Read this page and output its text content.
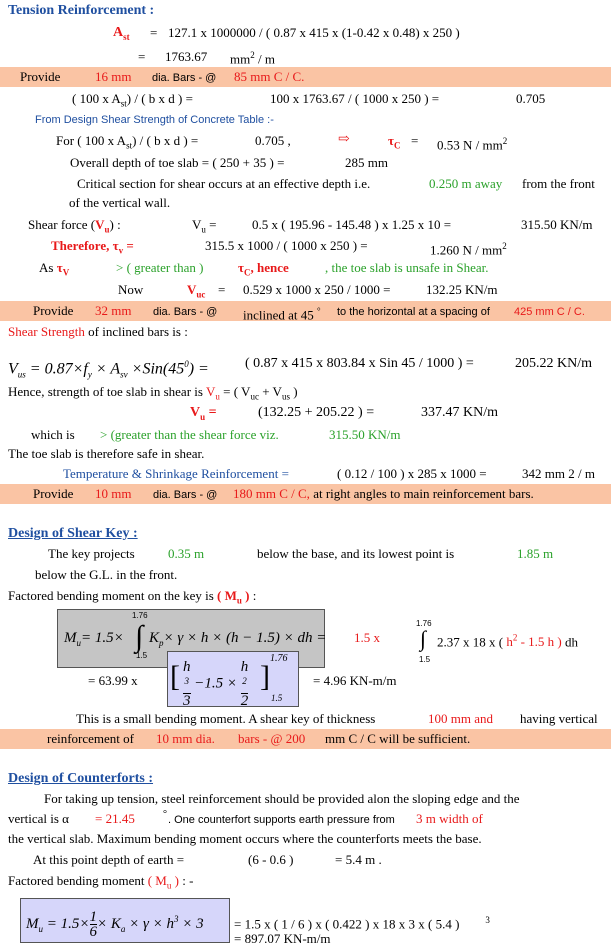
Tension Reinforcement :
$A_{st} = 127.1$ x 1000000 / ( 0.87 x 415 x (1-0.42 x 0.48) x 250 )
= 1763.67 $mm^2$ / m
Provide	16 mm dia. Bars - @ 85 mm C / C.
( 100 x $A_{st}$) / ( b x d ) =	100 x 1763.67 / ( 1000 x 250 ) =	0.705
From Design Shear Strength of Concrete Table :-
For ( 100 x $A_{st}$) / ( b x d ) =	0.705 ,	⇨	$\tau_C = 0.53$ N / $mm^2$
Overall depth of toe slab = ( 250 + 35 ) =	285 mm
Critical section for shear occurs at an effective depth i.e.	0.250 m away from the front
of the vertical wall.
Shear force $(V_u)$ :	$V_u$ =	0.5 x ( 195.96 - 145.48 ) x 1.25 x 10 =	315.50 KN/m
Therefore, $\tau_v$ =	315.5 x 1000 / ( 1000 x 250 ) =	1.260 N / $mm^2$
As $\tau_V$	> ( greater than )	$\tau_C$, hence	, the toe slab is unsafe in Shear.
Now	$V_{uc} = 0.529$ x 1000 x 250 / 1000 =	132.25 KN/m
Provide 32 mm dia. Bars - @ inclined at 45 ° to the horizontal at a spacing of 425 mm C / C.
Shear Strength of inclined bars is :
$V_{us} = 0.87\times f_y \times A_{sv} \times Sin(45^0)$ =	( 0.87 x 415 x 803.84 x Sin 45 / 1000 ) =	205.22 KN/m
Hence, strength of toe slab in shear is $V_u$ = ( $V_{uc} + V_{us}$ )
$V_u$ =	(132.25 + 205.22 ) =	337.47 KN/m
which is > (greater than the shear force viz.	315.50 KN/m
The toe slab is therefore safe in shear.
Temperature & Shrinkage Reinforcement =	( 0.12 / 100 ) x 285 x 1000 =	342 mm 2 / m
Provide 10 mm dia. Bars - @ 180 mm C / C, at right angles to main reinforcement bars.
Design of Shear Key :
The key projects	0.35 m	below the base, and its lowest point is	1.85 m
below the G.L. in the front.
Factored bending moment on the key is ( $M_u$ ) :
1.76
1.5
$M_u= 1.5\times$ ∫ $K_p\times \gamma \times h \times (h - 1.5)$ × dh = 1.5 x
1.76
∫
1.5
2.37 x 18 x ( $h^2 - 1.5$ h ) dh
= 63.99 x [ h
$^3$
3 −1.5 × h
$^2$
2 ]
1.76
1.5
= 4.96 KN-m/m
This is a small bending moment. A shear key of thickness	100 mm and having vertical
reinforcement of 10 mm dia. bars - @ 200 mm C / C will be sufficient.
Design of Counterforts :
For taking up tension, steel reinforcement should be provided alon the sloping edge and the
vertical is α = 21.45	° . One counterfort supports earth pressure from 3 m width of
the vertical slab. Maximum bending moment occurs where the counterforts meets the base.
At this point depth of earth =	(6 - 0.6 )	= 5.4 m .
Factored bending moment ( $M_u$ ) : -
$M_u = 1.5\times \frac{1}{6} \times K_a \times \gamma \times h^3 \times 3 = 1.5$ x ( 1 / 6 ) x ( 0.422 ) x 18 x 3 x ( 5.4 )	$^3$
= 897.07 KN-m/m
